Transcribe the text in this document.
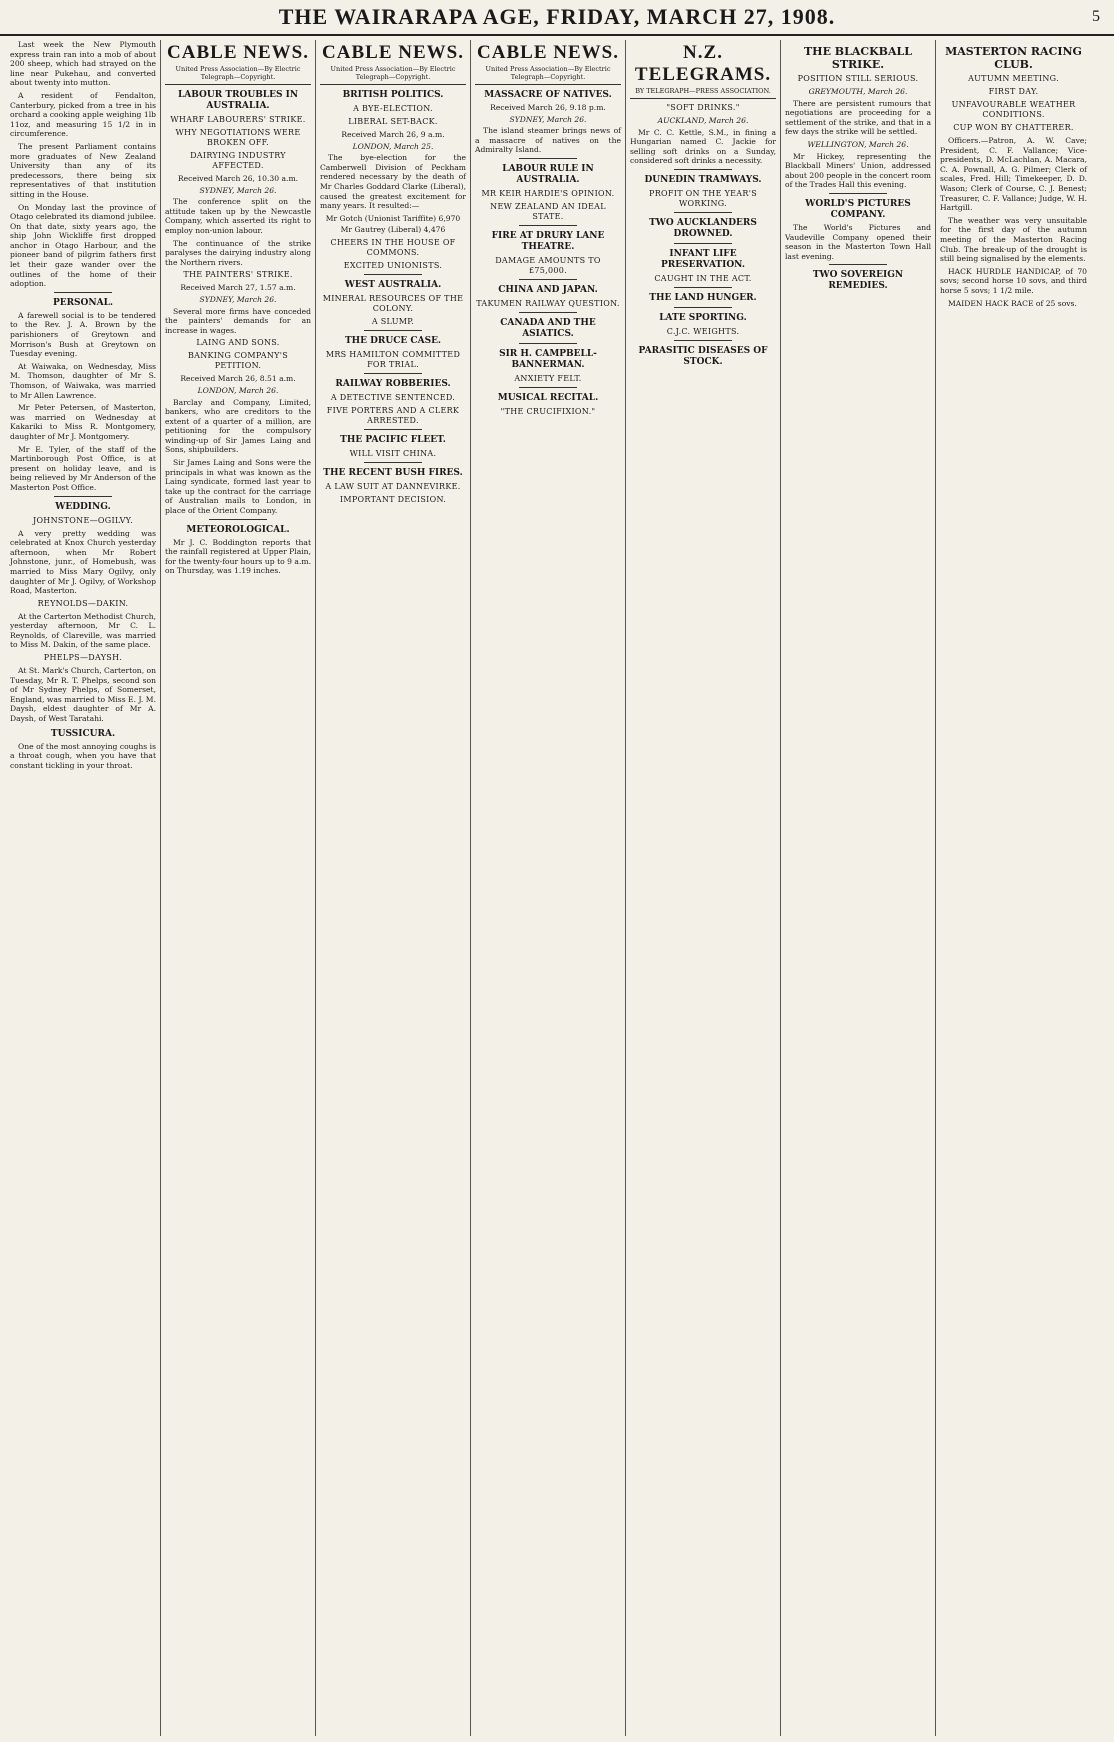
THE WAIRARAPA AGE, FRIDAY, MARCH 27, 1908.	5

Last week the New Plymouth express train ran into a mob of about 200 sheep, which had strayed on the line near Pukehau, and converted about twenty into mutton.

A resident of Fendalton, Canterbury, picked from a tree in his orchard a cooking apple weighing 1lb 11oz, and measuring 15 1/2 in in circumference.

The present Parliament contains more graduates of New Zealand University than any of its predecessors, there being six representatives of that institution sitting in the House.

On Monday last the province of Otago celebrated its diamond jubilee. On that date, sixty years ago, the ship John Wickliffe first dropped anchor in Otago Harbour, and the pioneer band of pilgrim fathers first let their gaze wander over the outlines of the home of their adoption.

PERSONAL.

A farewell social is to be tendered to the Rev. J. A. Brown by the parishioners of Greytown and Morrison's Bush at Greytown on Tuesday evening.

At Waiwaka, on Wednesday, Miss M. Thomson, daughter of Mr S. Thomson, of Waiwaka, was married to Mr Allen Lawrence.

Mr Peter Petersen, of Masterton, was married on Wednesday at Kakariki to Miss R. Montgomery, daughter of Mr J. Montgomery.

Mr E. Tyler, of the staff of the Martinborough Post Office, is at present on holiday leave, and is being relieved by Mr Anderson of the Masterton Post Office.

WEDDING.
JOHNSTONE—OGILVY.

A very pretty wedding was celebrated at Knox Church yesterday afternoon, when Mr Robert Johnstone, junr., of Homebush, was married to Miss Mary Ogilvy, only daughter of Mr J. Ogilvy, of Workshop Road, Masterton.

REYNOLDS—DAKIN.

At the Carterton Methodist Church, yesterday afternoon, Mr C. L. Reynolds, of Clareville, was married to Miss M. Dakin, of the same place.

PHELPS—DAYSH.

At St. Mark's Church, Carterton, on Tuesday, Mr R. T. Phelps, second son of Mr Sydney Phelps, of Somerset, England, was married to Miss E. J. M. Daysh, eldest daughter of Mr A. Daysh, of West Taratahi.

TUSSICURA.

One of the most annoying coughs is a throat cough, when you have that constant tickling in your throat.

CABLE NEWS.
United Press Association—By Electric Telegraph—Copyright.
LABOUR TROUBLES IN AUSTRALIA.
WHARF LABOURERS' STRIKE.
WHY NEGOTIATIONS WERE BROKEN OFF.
DAIRYING INDUSTRY AFFECTED.
Received March 26, 10.30 a.m.
SYDNEY, March 26.

The conference split on the attitude taken up by the Newcastle Company, which asserted its right to employ non-union labour.

The continuance of the strike paralyses the dairying industry along the Northern rivers.

THE PAINTERS' STRIKE.
Received March 27, 1.57 a.m.
SYDNEY, March 26.

Several more firms have conceded the painters' demands for an increase in wages.

LAING AND SONS.
BANKING COMPANY'S PETITION.
Received March 26, 8.51 a.m.
LONDON, March 26.

Barclay and Company, Limited, bankers, who are creditors to the extent of a quarter of a million, are petitioning for the compulsory winding-up of Sir James Laing and Sons, shipbuilders.

Sir James Laing and Sons were the principals in what was known as the Laing syndicate, formed last year to take up the contract for the carriage of Australian mails to London, in place of the Orient Company.

METEOROLOGICAL.

Mr J. C. Boddington reports that the rainfall registered at Upper Plain, for the twenty-four hours up to 9 a.m. on Thursday, was 1.19 inches.

CABLE NEWS.
United Press Association—By Electric Telegraph—Copyright.
BRITISH POLITICS.
A BYE-ELECTION.
LIBERAL SET-BACK.
Received March 26, 9 a.m.
LONDON, March 25.

The bye-election for the Camberwell Division of Peckham rendered necessary by the death of Mr Charles Goddard Clarke (Liberal), caused the greatest excitement for many years. It resulted:—

Mr Gotch (Unionist Tariffite) 6,970
Mr Gautrey (Liberal) 4,476
CHEERS IN THE HOUSE OF COMMONS.
EXCITED UNIONISTS.
WEST AUSTRALIA.
MINERAL RESOURCES OF THE COLONY.
A SLUMP.
THE DRUCE CASE.
MRS HAMILTON COMMITTED FOR TRIAL.
RAILWAY ROBBERIES.
A DETECTIVE SENTENCED.
FIVE PORTERS AND A CLERK ARRESTED.
THE PACIFIC FLEET.
WILL VISIT CHINA.
THE RECENT BUSH FIRES.
A LAW SUIT AT DANNEVIRKE.
IMPORTANT DECISION.
CABLE NEWS.
United Press Association—By Electric Telegraph—Copyright.
MASSACRE OF NATIVES.
Received March 26, 9.18 p.m.
SYDNEY, March 26.

The island steamer brings news of a massacre of natives on the Admiralty Island.

LABOUR RULE IN AUSTRALIA.
MR KEIR HARDIE'S OPINION.
NEW ZEALAND AN IDEAL STATE.
FIRE AT DRURY LANE THEATRE.
DAMAGE AMOUNTS TO £75,000.
CHINA AND JAPAN.
TAKUMEN RAILWAY QUESTION.
CANADA AND THE ASIATICS.
SIR H. CAMPBELL-BANNERMAN.
ANXIETY FELT.
MUSICAL RECITAL.
"THE CRUCIFIXION."
N.Z. TELEGRAMS.
BY TELEGRAPH—PRESS ASSOCIATION.
"SOFT DRINKS."
AUCKLAND, March 26.

Mr C. C. Kettle, S.M., in fining a Hungarian named C. Jackie for selling soft drinks on a Sunday, considered soft drinks a necessity.

DUNEDIN TRAMWAYS.
PROFIT ON THE YEAR'S WORKING.
TWO AUCKLANDERS DROWNED.
INFANT LIFE PRESERVATION.
CAUGHT IN THE ACT.
THE LAND HUNGER.
LATE SPORTING.
C.J.C. WEIGHTS.
PARASITIC DISEASES OF STOCK.
THE BLACKBALL STRIKE.
POSITION STILL SERIOUS.
GREYMOUTH, March 26.

There are persistent rumours that negotiations are proceeding for a settlement of the strike, and that in a few days the strike will be settled.

WELLINGTON, March 26.

Mr Hickey, representing the Blackball Miners' Union, addressed about 200 people in the concert room of the Trades Hall this evening.

WORLD'S PICTURES COMPANY.

The World's Pictures and Vaudeville Company opened their season in the Masterton Town Hall last evening.

TWO SOVEREIGN REMEDIES.
MASTERTON RACING CLUB.
AUTUMN MEETING.
FIRST DAY.
UNFAVOURABLE WEATHER CONDITIONS.
CUP WON BY CHATTERER.

Officers.—Patron, A. W. Cave; President, C. F. Vallance; Vice-presidents, D. McLachlan, A. Macara, C. A. Pownall, A. G. Pilmer; Clerk of scales, Fred. Hill; Timekeeper, D. D. Wason; Clerk of Course, C. J. Benest; Treasurer, C. F. Vallance; Judge, W. H. Hartgill.

The weather was very unsuitable for the first day of the autumn meeting of the Masterton Racing Club. The break-up of the drought is still being signalised by the elements.

HACK HURDLE HANDICAP, of 70 sovs; second horse 10 sovs, and third horse 5 sovs; 1 1/2 mile.

MAIDEN HACK RACE of 25 sovs.
